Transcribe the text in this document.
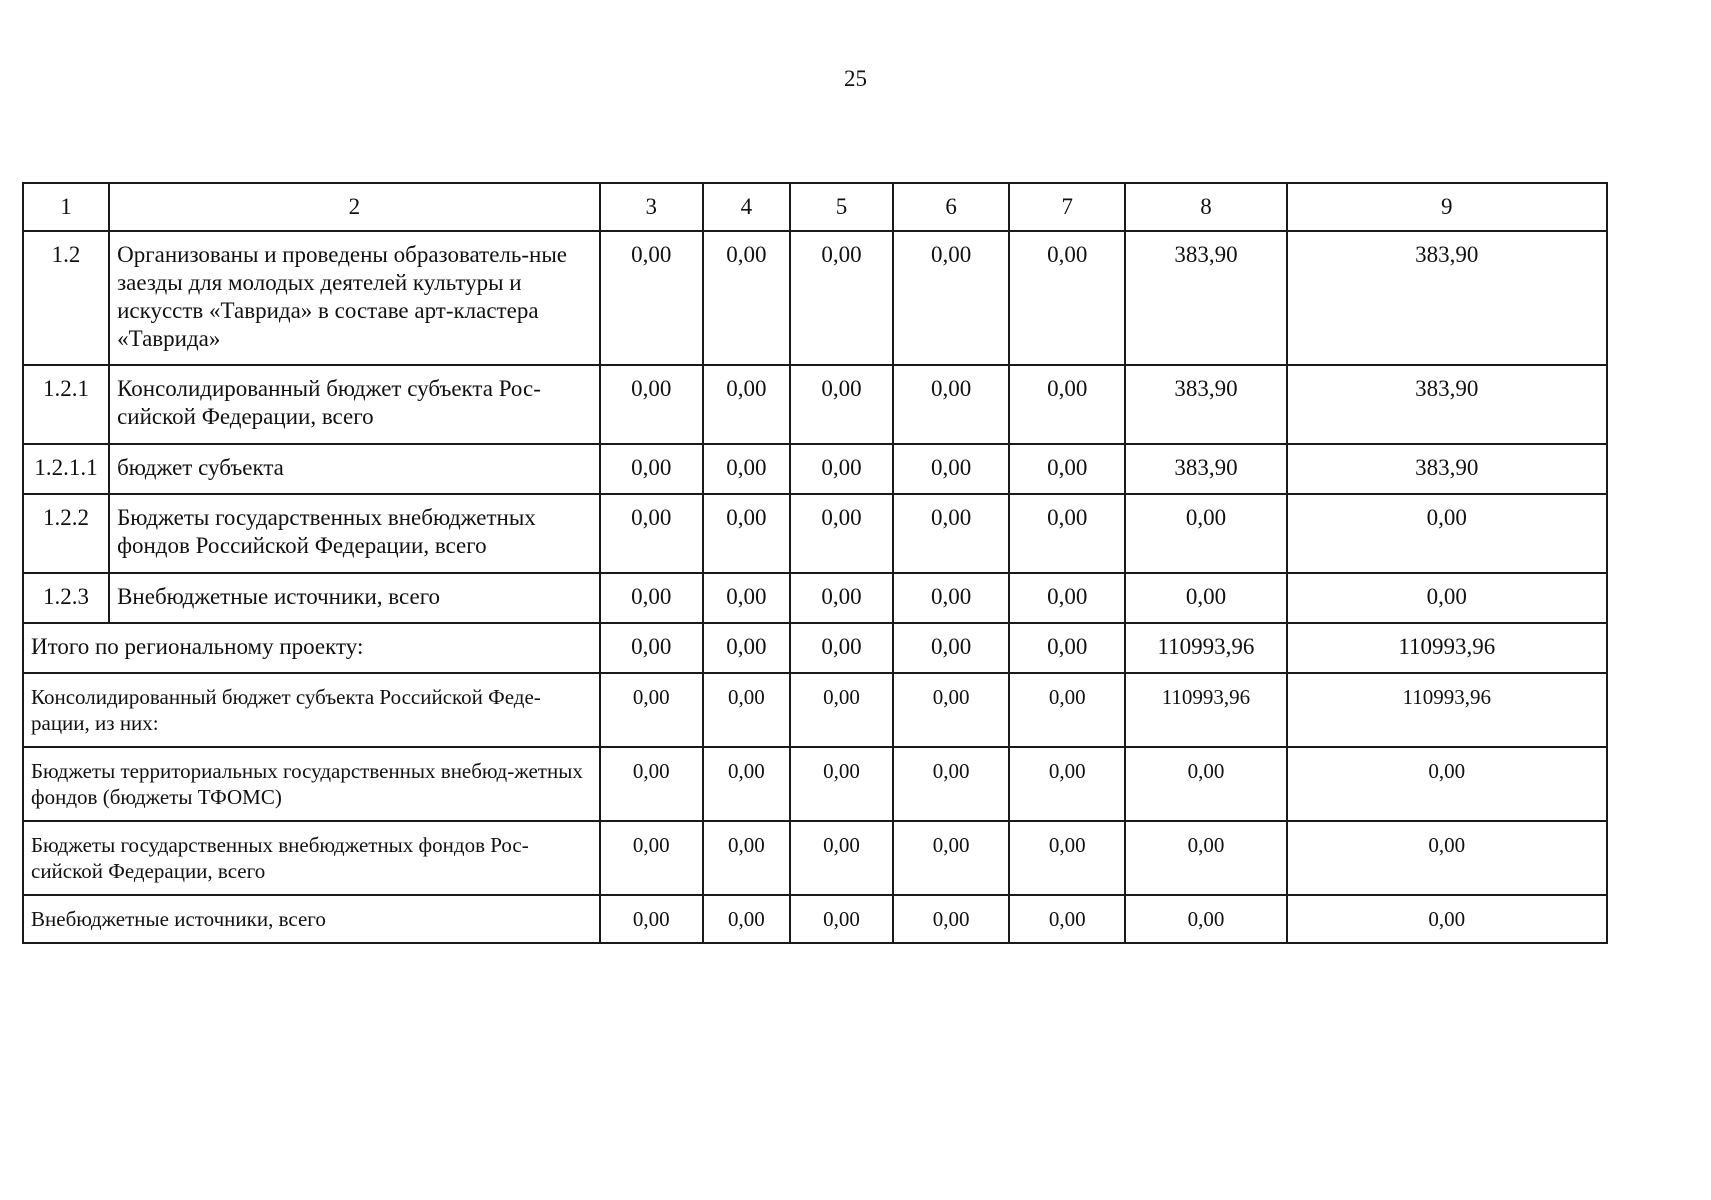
25
1	2	3	4	5	6	7	8	9
1.2	Организованы и проведены образователь-ные заезды для молодых деятелей культуры и искусств «Таврида» в составе арт-кластера «Таврида»	0,00	0,00	0,00	0,00	0,00	383,90	383,90
1.2.1	Консолидированный бюджет субъекта Рос-сийской Федерации, всего	0,00	0,00	0,00	0,00	0,00	383,90	383,90
1.2.1.1	бюджет субъекта	0,00	0,00	0,00	0,00	0,00	383,90	383,90
1.2.2	Бюджеты государственных внебюджетных фондов Российской Федерации, всего	0,00	0,00	0,00	0,00	0,00	0,00	0,00
1.2.3	Внебюджетные источники, всего	0,00	0,00	0,00	0,00	0,00	0,00	0,00
Итого по региональному проекту:		0,00	0,00	0,00	0,00	0,00	110993,96	110993,96
Консолидированный бюджет субъекта Российской Феде-рации, из них:		0,00	0,00	0,00	0,00	0,00	110993,96	110993,96
Бюджеты территориальных государственных внебюд-жетных фондов (бюджеты ТФОМС)		0,00	0,00	0,00	0,00	0,00	0,00	0,00
Бюджеты государственных внебюджетных фондов Рос-сийской Федерации, всего		0,00	0,00	0,00	0,00	0,00	0,00	0,00
Внебюджетные источники, всего		0,00	0,00	0,00	0,00	0,00	0,00	0,00
